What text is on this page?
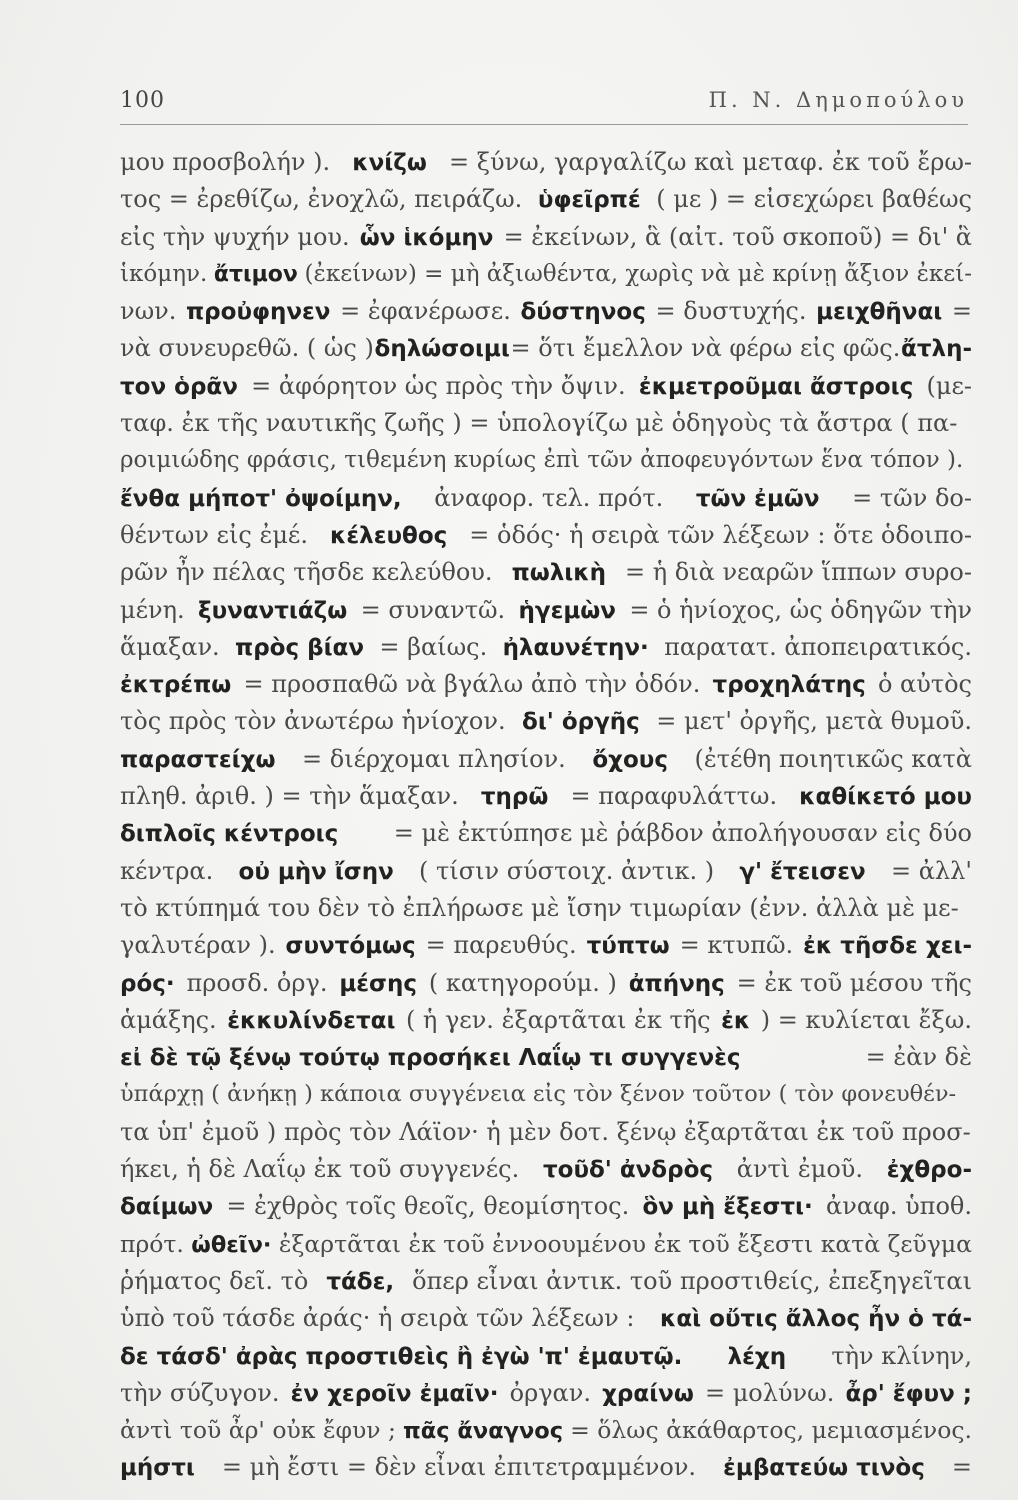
100	Π. Ν. Δημοπούλου
μου προσβολήν ). κνίζω = ξύνω, γαργαλίζω καὶ μεταφ. ἐκ τοῦ ἔρω-
τος = ἐρεθίζω, ἐνοχλῶ, πειράζω. ὑφεῖρπέ ( με ) = εἰσεχώρει βαθέως
εἰς τὴν ψυχήν μου. ὧν ἱκόμην = ἐκείνων, ἃ (αἰτ. τοῦ σκοποῦ) = δι' ἃ
ἱκόμην. ἄτιμον (ἐκείνων) = μὴ ἀξιωθέντα, χωρὶς νὰ μὲ κρίνῃ ἄξιον ἐκεί-
νων. προὐφηνεν = ἐφανέρωσε. δύστηνος = δυστυχής. μειχθῆναι =
νὰ συνευρεθῶ. ( ὡς ) δηλώσοιμι = ὅτι ἔμελλον νὰ φέρω εἰς φῶς. ἄτλη-
τον ὁρᾶν = ἀφόρητον ὡς πρὸς τὴν ὄψιν. ἐκμετροῦμαι ἄστροις (με-
ταφ. ἐκ τῆς ναυτικῆς ζωῆς ) = ὑπολογίζω μὲ ὁδηγοὺς τὰ ἄστρα ( πα-
ροιμιώδης φράσις, τιθεμένη κυρίως ἐπὶ τῶν ἀποφευγόντων ἕνα τόπον ).
ἔνθα μήποτ' ὀψοίμην, ἀναφορ. τελ. πρότ. τῶν ἐμῶν = τῶν δο-
θέντων εἰς ἐμέ. κέλευθος = ὁδός· ἡ σειρὰ τῶν λέξεων : ὅτε ὁδοιπο-
ρῶν ἦν πέλας τῆσδε κελεύθου. πωλικὴ = ἡ διὰ νεαρῶν ἵππων συρο-
μένη. ξυναντιάζω = συναντῶ. ἡγεμὼν = ὁ ἡνίοχος, ὡς ὁδηγῶν τὴν
ἅμαξαν. πρὸς βίαν = βαίως. ἠλαυνέτην· παρατατ. ἀποπειρατικός.
ἐκτρέπω = προσπαθῶ νὰ βγάλω ἀπὸ τὴν ὁδόν. τροχηλάτης ὁ αὐτὸς
τὸς πρὸς τὸν ἀνωτέρω ἡνίοχον. δι' ὀργῆς = μετ' ὀργῆς, μετὰ θυμοῦ.
παραστείχω = διέρχομαι πλησίον. ὄχους (ἐτέθη ποιητικῶς κατὰ
πληθ. ἀριθ. ) = τὴν ἅμαξαν. τηρῶ = παραφυλάττω. καθίκετό μου
διπλοῖς κέντροις = μὲ ἐκτύπησε μὲ ῥάβδον ἀπολήγουσαν εἰς δύο
κέντρα. οὐ μὴν ἴσην ( τίσιν σύστοιχ. ἀντικ. ) γ' ἔτεισεν = ἀλλ'
τὸ κτύπημά του δὲν τὸ ἐπλήρωσε μὲ ἴσην τιμωρίαν (ἐνν. ἀλλὰ μὲ με-
γαλυτέραν ). συντόμως = παρευθύς. τύπτω = κτυπῶ. ἐκ τῆσδε χει-
ρός· προσδ. ὀργ. μέσης ( κατηγορούμ. ) ἀπήνης = ἐκ τοῦ μέσου τῆς
ἁμάξης. ἐκκυλίνδεται ( ἡ γεν. ἐξαρτᾶται ἐκ τῆς ἐκ ) = κυλίεται ἔξω.
εἰ δὲ τῷ ξένῳ τούτῳ προσήκει Λαΐῳ τι συγγενὲς	= ἐὰν δὲ
ὑπάρχῃ ( ἀνήκῃ ) κάποια συγγένεια εἰς τὸν ξένον τοῦτον ( τὸν φονευθέν-
τα ὑπ' ἐμοῦ ) πρὸς τὸν Λάϊον· ἡ μὲν δοτ. ξένῳ ἐξαρτᾶται ἐκ τοῦ προσ-
ήκει, ἡ δὲ Λαΐῳ ἐκ τοῦ συγγενές. τοῦδ' ἀνδρὸς ἀντὶ ἐμοῦ. ἐχθρο-
δαίμων = ἐχθρὸς τοῖς θεοῖς, θεομίσητος. ὃν μὴ ἔξεστι· ἀναφ. ὑποθ.
πρότ. ὠθεῖν· ἐξαρτᾶται ἐκ τοῦ ἐννοουμένου ἐκ τοῦ ἔξεστι κατὰ ζεῦγμα
ῥήματος δεῖ. τὸ τάδε, ὅπερ εἶναι ἀντικ. τοῦ προστιθείς, ἐπεξηγεῖται
ὑπὸ τοῦ τάσδε ἀράς· ἡ σειρὰ τῶν λέξεων : καὶ οὔτις ἄλλος ἦν ὁ τά-
δε τάσδ' ἀρὰς προστιθεὶς ἢ ἐγὼ 'π' ἐμαυτῷ. λέχη τὴν κλίνην,
τὴν σύζυγον. ἐν χεροῖν ἐμαῖν· ὀργαν. χραίνω = μολύνω. ἆρ' ἔφυν ;
ἀντὶ τοῦ ἆρ' οὐκ ἔφυν ; πᾶς ἄναγνος = ὅλως ἀκάθαρτος, μεμιασμένος.
μήστι = μὴ ἔστι = δὲν εἶναι ἐπιτετραμμένον. ἐμβατεύω τινὸς =
